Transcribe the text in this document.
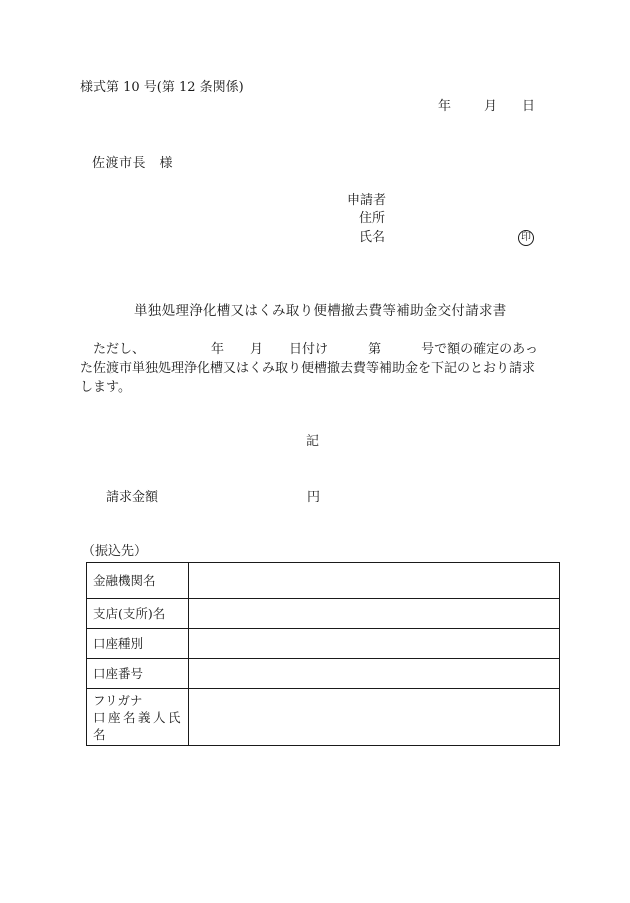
様式第 10 号(第 12 条関係)
年	月 日
佐渡市長　様
申請者
住所
氏名	印
単独処理浄化槽又はくみ取り便槽撤去費等補助金交付請求書
ただし、	年 月 日付け	第	号で額の確定のあっ
た佐渡市単独処理浄化槽又はくみ取り便槽撤去費等補助金を下記のとおり請求
します。
記
請求金額	円
（振込先）
金融機関名	
支店(支所)名	
口座種別	
口座番号	
フリガナ
口座名義人氏
名	
